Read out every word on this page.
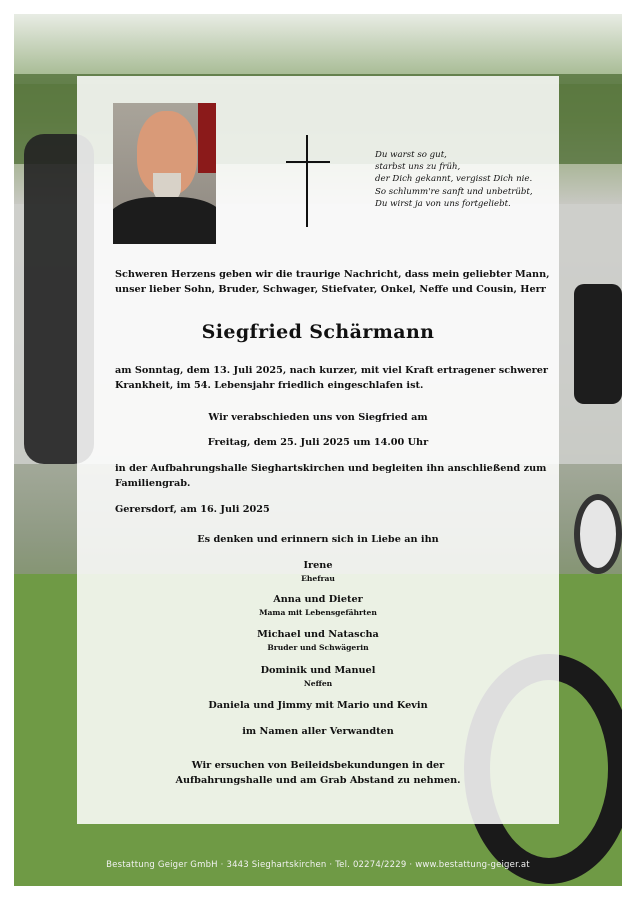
Bestattung Geiger GmbH · 3443 Sieghartskirchen · Tel. 02274/2229 · www.bestattung-geiger.at
Du warst so gut,
starbst uns zu früh,
der Dich gekannt, vergisst Dich nie.
So schlumm're sanft und unbetrübt,
Du wirst ja von uns fortgeliebt.
Schweren Herzens geben wir die traurige Nachricht, dass mein geliebter Mann,
unser lieber Sohn, Bruder, Schwager, Stiefvater, Onkel, Neffe und Cousin, Herr
Siegfried Schärmann
am Sonntag, dem 13. Juli 2025, nach kurzer, mit viel Kraft ertragener schwerer
Krankheit, im 54. Lebensjahr friedlich eingeschlafen ist.
Wir verabschieden uns von Siegfried am
Freitag, dem 25. Juli 2025 um 14.00 Uhr
in der Aufbahrungshalle Sieghartskirchen und begleiten ihn anschließend zum
Familiengrab.
Gerersdorf, am 16. Juli 2025
Es denken und erinnern sich in Liebe an ihn
Irene
Ehefrau
Anna und Dieter
Mama mit Lebensgefährten
Michael und Natascha
Bruder und Schwägerin
Dominik und Manuel
Neffen
Daniela und Jimmy mit Mario und Kevin
im Namen aller Verwandten
Wir ersuchen von Beileidsbekundungen in der
Aufbahrungshalle und am Grab Abstand zu nehmen.
